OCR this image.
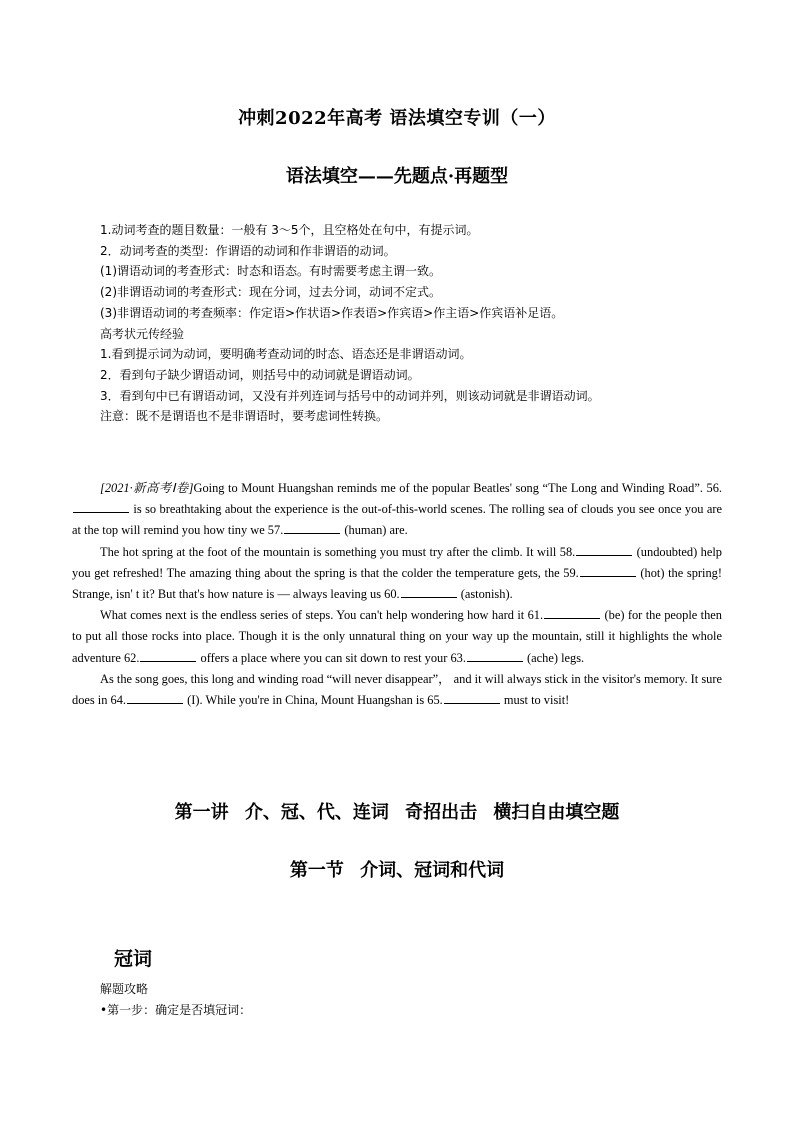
冲刺2022年高考 语法填空专训（一）
语法填空——先题点·再题型
1.动词考查的题目数量：一般有 3～5个，且空格处在句中，有提示词。
2．动词考查的类型：作谓语的动词和作非谓语的动词。
(1)谓语动词的考查形式：时态和语态。有时需要考虑主谓一致。
(2)非谓语动词的考查形式：现在分词，过去分词，动词不定式。
(3)非谓语动词的考查频率：作定语>作状语>作表语>作宾语>作主语>作宾语补足语。
高考状元传经验
1.看到提示词为动词，要明确考查动词的时态、语态还是非谓语动词。
2．看到句子缺少谓语动词，则括号中的动词就是谓语动词。
3．看到句中已有谓语动词，又没有并列连词与括号中的动词并列，则该动词就是非谓语动词。
注意：既不是谓语也不是非谓语时，要考虑词性转换。

[2021·新高考Ⅰ卷]Going to Mount Huangshan reminds me of the popular Beatles' song “The Long and Winding Road”. 56. is so breathtaking about the experience is the out-of-this-world scenes. The rolling sea of clouds you see once you are at the top will remind you how tiny we 57.	(human) are.

The hot spring at the foot of the mountain is something you must try after the climb. It will 58.	(undoubted) help you get refreshed! The amazing thing about the spring is that the colder the temperature gets, the 59.	(hot) the spring! Strange, isn' t it? But that's how nature is — always leaving us 60.	(astonish).

What comes next is the endless series of steps. You can't help wondering how hard it 61.	(be) for the people then to put all those rocks into place. Though it is the only unnatural thing on your way up the mountain, still it highlights the whole adventure 62.	offers a place where you can sit down to rest your 63.	(ache) legs.

As the song goes, this long and winding road “will never disappear”， and it will always stick in the visitor's memory. It sure does in 64.	(I). While you're in China, Mount Huangshan is 65.	must to visit!

第一讲 介、冠、代、连词 奇招出击 横扫自由填空题
第一节 介词、冠词和代词
冠词
解题攻略
•第一步：确定是否填冠词：
